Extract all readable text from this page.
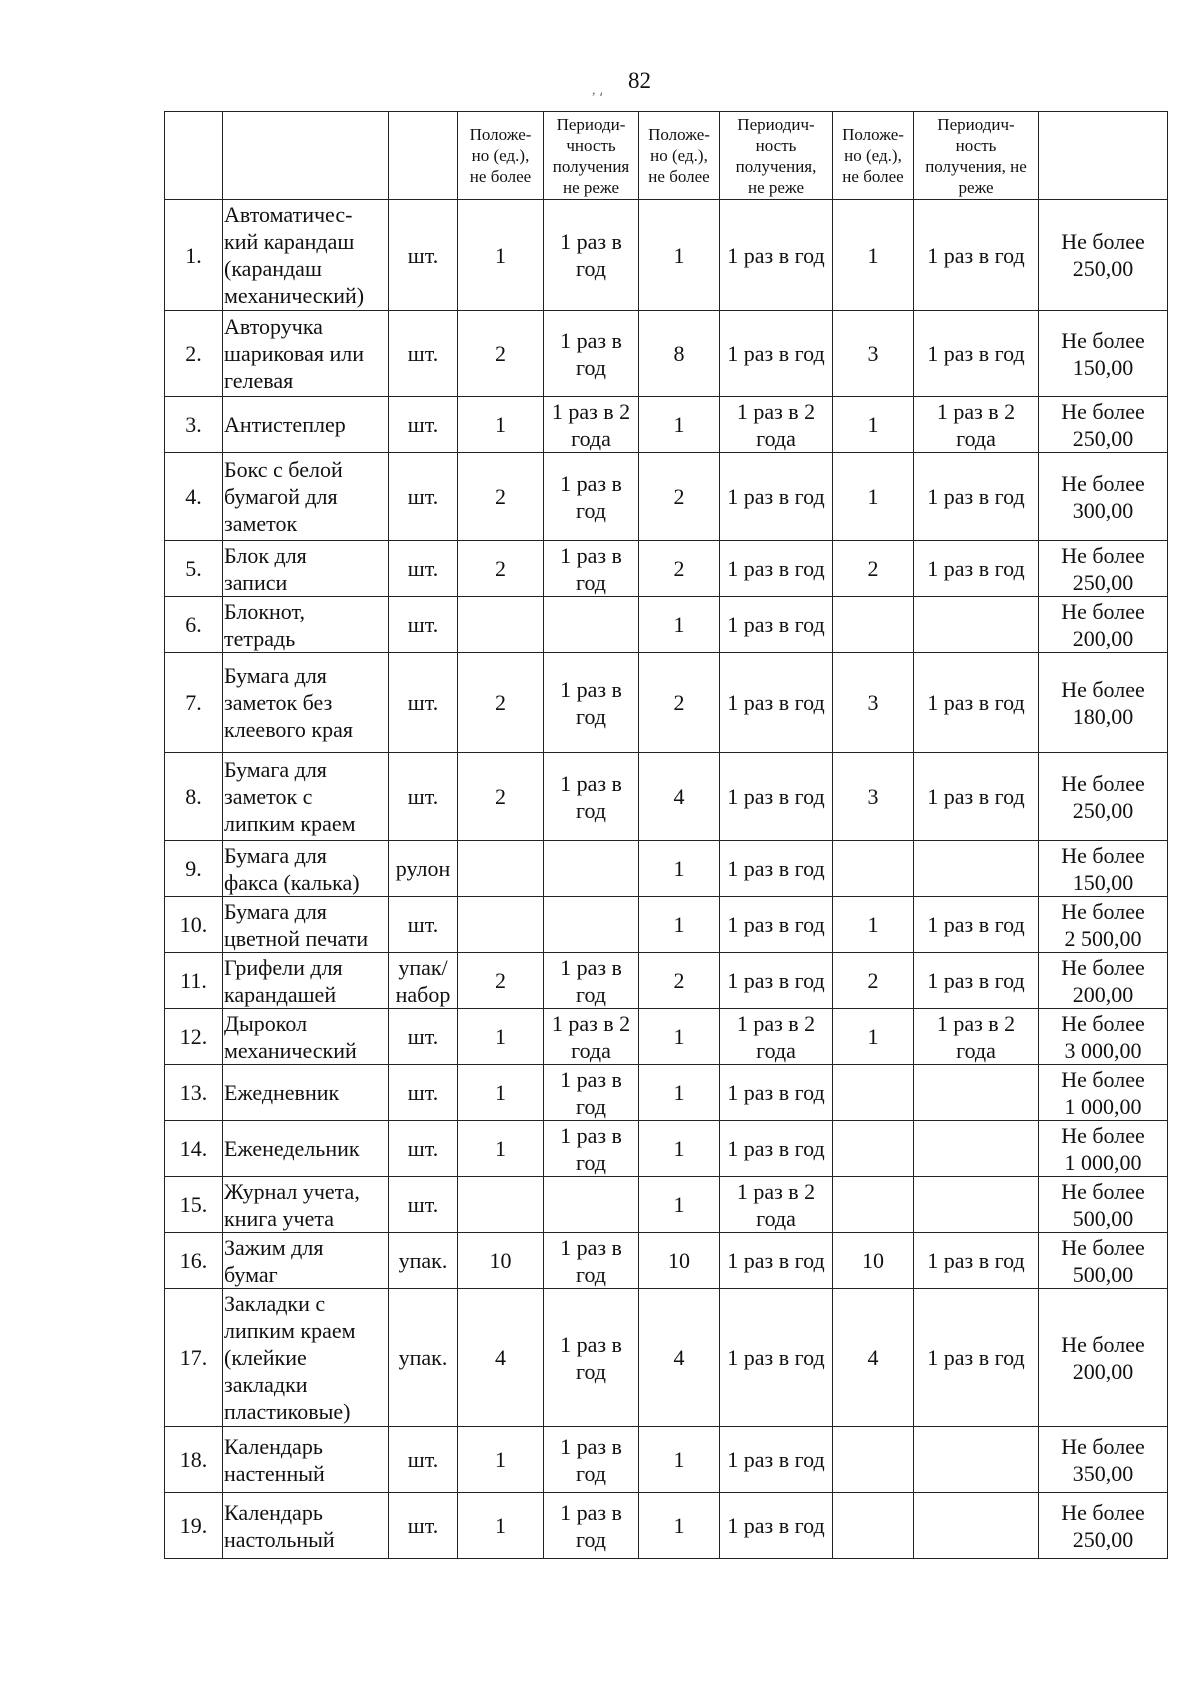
, ⸲ 82

			Положе-
но (ед.),
не более	Периоди-
чность
получения
не реже	Положе-
но (ед.),
не более	Периодич-
ность
получения,
не реже	Положе-
но (ед.),
не более	Периодич-
ность
получения, не
реже	

1.	Автоматичес-
кий карандаш
(карандаш
механический)	шт.	1	1 раз в
год	1	1 раз в год	1	1 раз в год	Не более
250,00

2.	Авторучка
шариковая или
гелевая	шт.	2	1 раз в
год	8	1 раз в год	3	1 раз в год	Не более
150,00

3.	Антистеплер	шт.	1	1 раз в 2
года	1	1 раз в 2
года	1	1 раз в 2
года	Не более
250,00

4.	Бокс с белой
бумагой для
заметок	шт.	2	1 раз в
год	2	1 раз в год	1	1 раз в год	Не более
300,00

5.	Блок для
записи	шт.	2	1 раз в
год	2	1 раз в год	2	1 раз в год	Не более
250,00

6.	Блокнот,
тетрадь	шт.			1	1 раз в год			Не более
200,00

7.	Бумага для
заметок без
клеевого края	шт.	2	1 раз в
год	2	1 раз в год	3	1 раз в год	Не более
180,00

8.	Бумага для
заметок с
липким краем	шт.	2	1 раз в
год	4	1 раз в год	3	1 раз в год	Не более
250,00

9.	Бумага для
факса (калька)	рулон			1	1 раз в год			Не более
150,00

10.	Бумага для
цветной печати	шт.			1	1 раз в год	1	1 раз в год	Не более
2 500,00

11.	Грифели для
карандашей	упак/
набор	2	1 раз в
год	2	1 раз в год	2	1 раз в год	Не более
200,00

12.	Дырокол
механический	шт.	1	1 раз в 2
года	1	1 раз в 2
года	1	1 раз в 2
года	Не более
3 000,00

13.	Ежедневник	шт.	1	1 раз в
год	1	1 раз в год			Не более
1 000,00

14.	Еженедельник	шт.	1	1 раз в
год	1	1 раз в год			Не более
1 000,00

15.	Журнал учета,
книга учета	шт.			1	1 раз в 2
года			Не более
500,00

16.	Зажим для
бумаг	упак.	10	1 раз в
год	10	1 раз в год	10	1 раз в год	Не более
500,00

17.	Закладки с
липким краем
(клейкие
закладки
пластиковые)	упак.	4	1 раз в
год	4	1 раз в год	4	1 раз в год	Не более
200,00

18.	Календарь
настенный	шт.	1	1 раз в
год	1	1 раз в год			Не более
350,00

19.	Календарь
настольный	шт.	1	1 раз в
год	1	1 раз в год			Не более
250,00
